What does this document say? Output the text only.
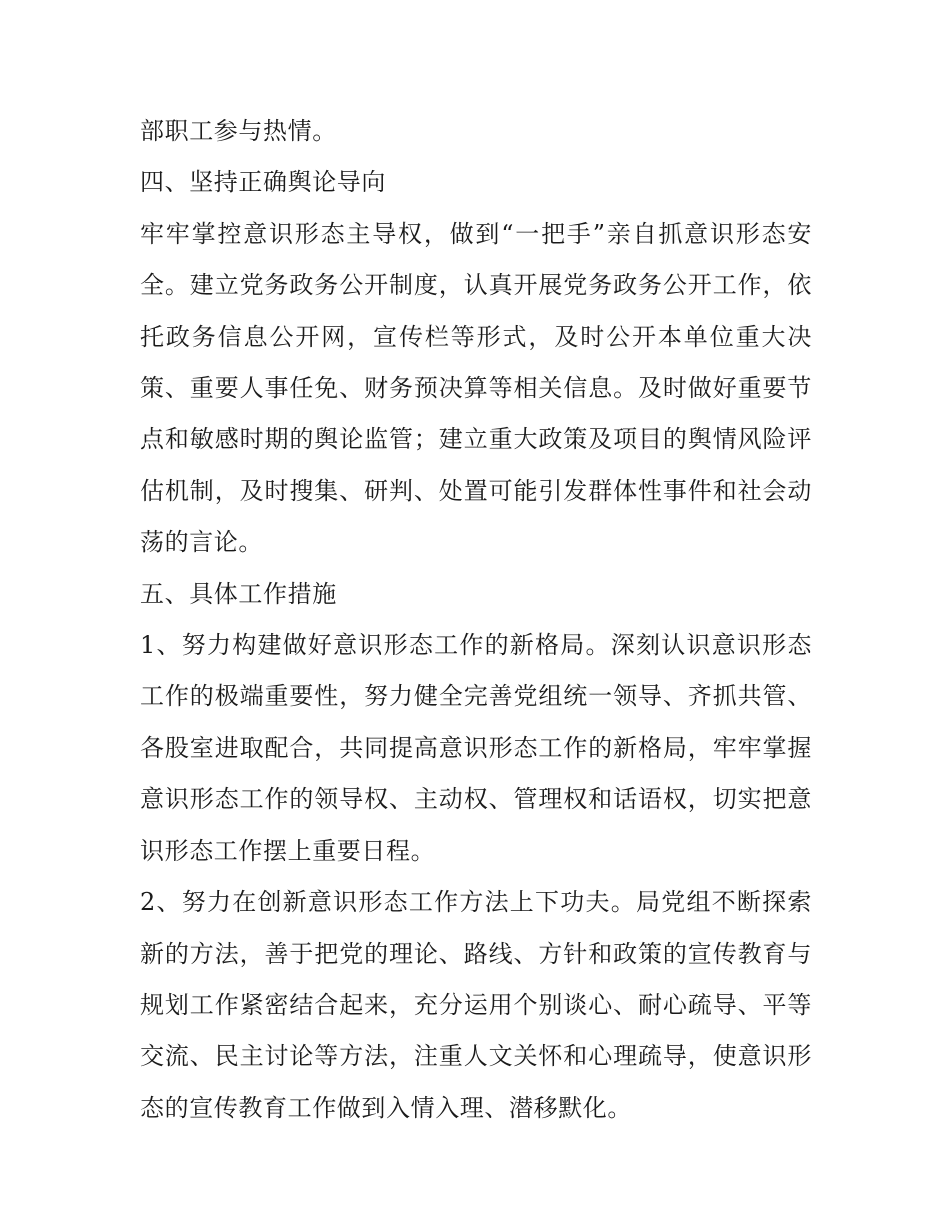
部职工参与热情。

四、坚持正确舆论导向

牢牢掌控意识形态主导权，做到“一把手”亲自抓意识形态安全。建立党务政务公开制度，认真开展党务政务公开工作，依托政务信息公开网，宣传栏等形式，及时公开本单位重大决策、重要人事任免、财务预决算等相关信息。及时做好重要节点和敏感时期的舆论监管；建立重大政策及项目的舆情风险评估机制，及时搜集、研判、处置可能引发群体性事件和社会动荡的言论。

五、具体工作措施

1、努力构建做好意识形态工作的新格局。深刻认识意识形态工作的极端重要性，努力健全完善党组统一领导、齐抓共管、各股室进取配合，共同提高意识形态工作的新格局，牢牢掌握意识形态工作的领导权、主动权、管理权和话语权，切实把意识形态工作摆上重要日程。

2、努力在创新意识形态工作方法上下功夫。局党组不断探索新的方法，善于把党的理论、路线、方针和政策的宣传教育与规划工作紧密结合起来，充分运用个别谈心、耐心疏导、平等交流、民主讨论等方法，注重人文关怀和心理疏导，使意识形态的宣传教育工作做到入情入理、潜移默化。
